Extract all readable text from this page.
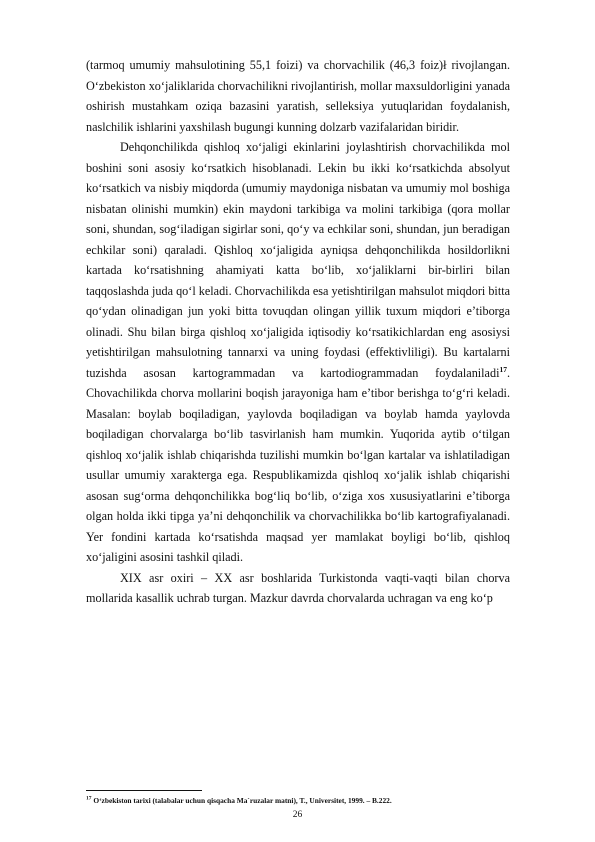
(tarmoq umumiy mahsulotining 55,1 foizi) va chorvachilik (46,3 foiz)ł rivojlangan. O‘zbekiston xo‘jaliklarida chorvachilikni rivojlantirish, mollar maxsuldorligini yanada oshirish mustahkam oziqa bazasini yaratish, selleksiya yutuqlaridan foydalanish, naslchilik ishlarini yaxshilash bugungi kunning dolzarb vazifalaridan biridir.

Dehqonchilikda qishloq xo‘jaligi ekinlarini joylashtirish chorvachilikda mol boshini soni asosiy ko‘rsatkich hisoblanadi. Lekin bu ikki ko‘rsatkichda absolyut ko‘rsatkich va nisbiy miqdorda (umumiy maydoniga nisbatan va umumiy mol boshiga nisbatan olinishi mumkin) ekin maydoni tarkibiga va molini tarkibiga (qora mollar soni, shundan, sog‘iladigan sigirlar soni, qo‘y va echkilar soni, shundan, jun beradigan echkilar soni) qaraladi. Qishloq xo‘jaligida ayniqsa dehqonchilikda hosildorlikni kartada ko‘rsatishning ahamiyati katta bo‘lib, xo‘jaliklarni bir-birliri bilan taqqoslashda juda qo‘l keladi. Chorvachilikda esa yetishtirilgan mahsulot miqdori bitta qo‘ydan olinadigan jun yoki bitta tovuqdan olingan yillik tuxum miqdori e’tiborga olinadi. Shu bilan birga qishloq xo‘jaligida iqtisodiy ko‘rsatikichlardan eng asosiysi yetishtirilgan mahsulotning tannarxi va uning foydasi (effektivliligi). Bu kartalarni tuzishda asosan kartogrammadan va kartodiogrammadan foydalaniladi$^{17}$. Chovachilikda chorva mollarini boqish jarayoniga ham e’tibor berishga to‘g‘ri keladi. Masalan: boylab boqiladigan, yaylovda boqiladigan va boylab hamda yaylovda boqiladigan chorvalarga bo‘lib tasvirlanish ham mumkin. Yuqorida aytib o‘tilgan qishloq xo‘jalik ishlab chiqarishda tuzilishi mumkin bo‘lgan kartalar va ishlatiladigan usullar umumiy xarakterga ega. Respublikamizda qishloq xo‘jalik ishlab chiqarishi asosan sug‘orma dehqonchilikka bog‘liq bo‘lib, o‘ziga xos xususiyatlarini e’tiborga olgan holda ikki tipga ya’ni dehqonchilik va chorvachilikka bo‘lib kartografiyalanadi. Yer fondini kartada ko‘rsatishda maqsad yer mamlakat boyligi bo‘lib, qishloq xo‘jaligini asosini tashkil qiladi.

XIX asr oxiri – XX asr boshlarida Turkistonda vaqti-vaqti bilan chorva mollarida kasallik uchrab turgan. Mazkur davrda chorvalarda uchragan va eng ko‘p

$^{17}$ O‘zbekiston tarixi (talabalar uchun qisqacha Ma`ruzalar matni), T., Universitet, 1999. – B.222.
26
